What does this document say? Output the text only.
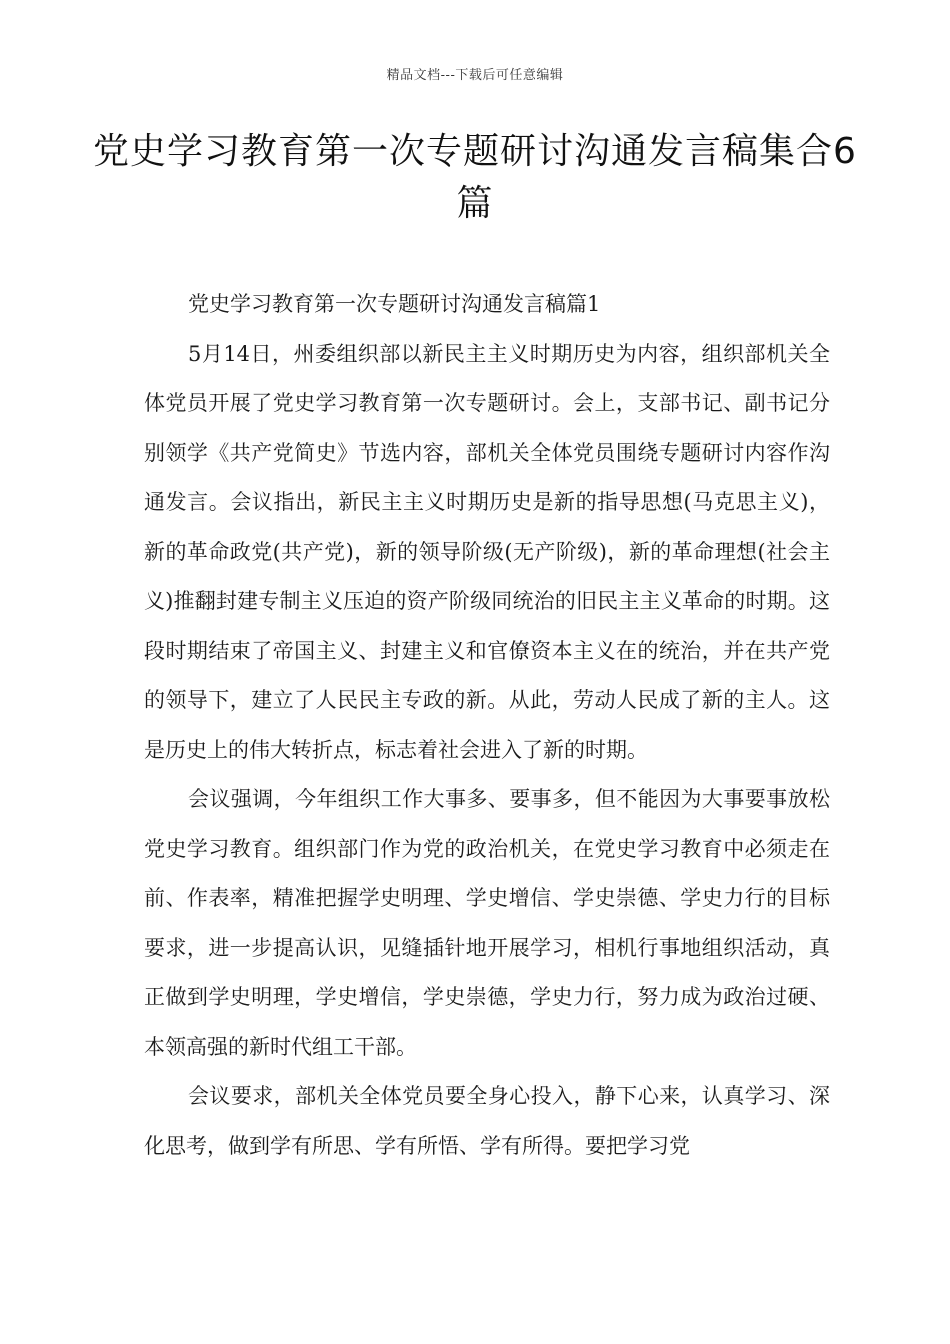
精品文档---下载后可任意编辑
党史学习教育第一次专题研讨沟通发言稿集合6篇

党史学习教育第一次专题研讨沟通发言稿篇1

5月14日，州委组织部以新民主主义时期历史为内容，组织部机关全体党员开展了党史学习教育第一次专题研讨。会上，支部书记、副书记分别领学《共产党简史》节选内容，部机关全体党员围绕专题研讨内容作沟通发言。会议指出，新民主主义时期历史是新的指导思想(马克思主义)，新的革命政党(共产党)，新的领导阶级(无产阶级)，新的革命理想(社会主义)推翻封建专制主义压迫的资产阶级同统治的旧民主主义革命的时期。这段时期结束了帝国主义、封建主义和官僚资本主义在的统治，并在共产党的领导下，建立了人民民主专政的新。从此，劳动人民成了新的主人。这是历史上的伟大转折点，标志着社会进入了新的时期。

会议强调，今年组织工作大事多、要事多，但不能因为大事要事放松党史学习教育。组织部门作为党的政治机关，在党史学习教育中必须走在前、作表率，精准把握学史明理、学史增信、学史崇德、学史力行的目标要求，进一步提高认识，见缝插针地开展学习，相机行事地组织活动，真正做到学史明理，学史增信，学史崇德，学史力行，努力成为政治过硬、本领高强的新时代组工干部。

会议要求，部机关全体党员要全身心投入，静下心来，认真学习、深化思考，做到学有所思、学有所悟、学有所得。要把学习党
